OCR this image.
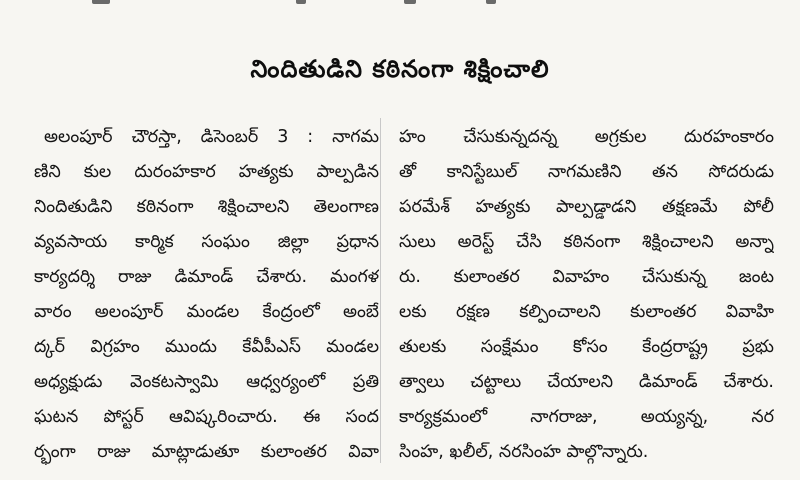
నిందితుడిని కఠినంగా శిక్షించాలి
అలంపూర్ చౌరస్తా, డిసెంబర్ 3 : నాగమ
ణిని కుల దురంహకార హత్యకు పాల్పడిన
నిందితుడిని కఠినంగా శిక్షించాలని తెలంగాణ
వ్యవసాయ కార్మిక సంఘం జిల్లా ప్రధాన
కార్యదర్శి రాజు డిమాండ్ చేశారు. మంగళ
వారం అలంపూర్ మండల కేంద్రంలో అంబే
ద్కర్ విగ్రహం ముందు కేవీపీఎస్ మండల
అధ్యక్షుడు వెంకటస్వామి ఆధ్వర్యంలో ప్రతి
ఘటన పోస్టర్ ఆవిష్కరించారు. ఈ సంద
ర్భంగా రాజు మాట్లాడుతూ కులాంతర వివా
హం చేసుకున్నదన్న అగ్రకుల దురహంకారం
తో కానిస్టేబుల్ నాగమణిని తన సోదరుడు
పరమేశ్ హత్యకు పాల్పడ్డాడని తక్షణమే పోలీ
సులు అరెస్ట్ చేసి కఠినంగా శిక్షించాలని అన్నా
రు. కులాంతర వివాహం చేసుకున్న జంట
లకు రక్షణ కల్పించాలని కులాంతర వివాహి
తులకు సంక్షేమం కోసం కేంద్రరాష్ట్ర ప్రభు
త్వాలు చట్టాలు చేయాలని డిమాండ్ చేశారు.
కార్యక్రమంలో నాగరాజు, అయ్యన్న, నర
సింహ, ఖలీల్, నరసింహ పాల్గొన్నారు.
